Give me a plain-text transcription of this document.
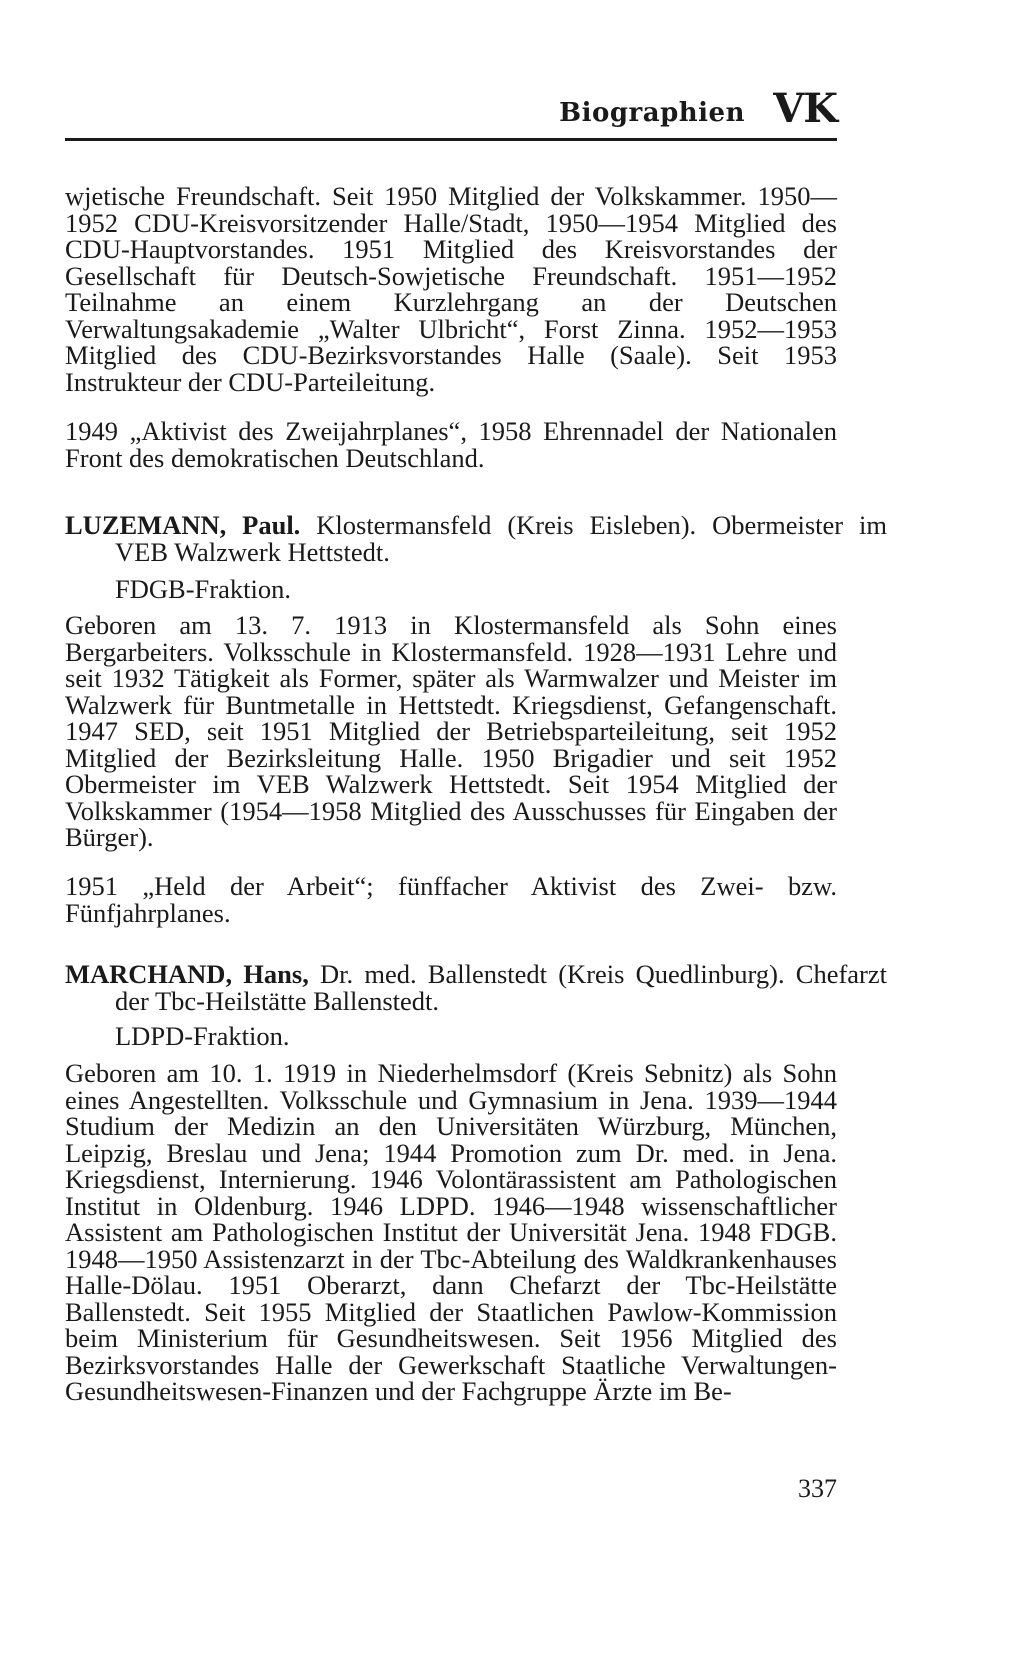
Biographien VK

wjetische Freundschaft. Seit 1950 Mitglied der Volkskammer. 1950—1952 CDU-Kreisvorsitzender Halle/Stadt, 1950—1954 Mitglied des CDU-Hauptvorstandes. 1951 Mitglied des Kreisvorstandes der Gesellschaft für Deutsch-Sowjetische Freundschaft. 1951—1952 Teilnahme an einem Kurzlehrgang an der Deutschen Verwaltungsakademie „Walter Ulbricht“, Forst Zinna. 1952—1953 Mitglied des CDU-Bezirksvorstandes Halle (Saale). Seit 1953 Instrukteur der CDU-Parteileitung.

1949 „Aktivist des Zweijahrplanes“, 1958 Ehrennadel der Nationalen Front des demokratischen Deutschland.

LUZEMANN, Paul. Klostermansfeld (Kreis Eisleben). Obermeister im VEB Walzwerk Hettstedt.

FDGB-Fraktion.

Geboren am 13. 7. 1913 in Klostermansfeld als Sohn eines Bergarbeiters. Volksschule in Klostermansfeld. 1928—1931 Lehre und seit 1932 Tätigkeit als Former, später als Warmwalzer und Meister im Walzwerk für Buntmetalle in Hettstedt. Kriegsdienst, Gefangenschaft. 1947 SED, seit 1951 Mitglied der Betriebsparteileitung, seit 1952 Mitglied der Bezirksleitung Halle. 1950 Brigadier und seit 1952 Obermeister im VEB Walzwerk Hettstedt. Seit 1954 Mitglied der Volkskammer (1954—1958 Mitglied des Ausschusses für Eingaben der Bürger).

1951 „Held der Arbeit“; fünffacher Aktivist des Zwei- bzw. Fünfjahrplanes.

MARCHAND, Hans, Dr. med. Ballenstedt (Kreis Quedlinburg). Chefarzt der Tbc-Heilstätte Ballenstedt.

LDPD-Fraktion.

Geboren am 10. 1. 1919 in Niederhelmsdorf (Kreis Sebnitz) als Sohn eines Angestellten. Volksschule und Gymnasium in Jena. 1939—1944 Studium der Medizin an den Universitäten Würzburg, München, Leipzig, Breslau und Jena; 1944 Promotion zum Dr. med. in Jena. Kriegsdienst, Internierung. 1946 Volontärassistent am Pathologischen Institut in Oldenburg. 1946 LDPD. 1946—1948 wissenschaftlicher Assistent am Pathologischen Institut der Universität Jena. 1948 FDGB. 1948—1950 Assistenzarzt in der Tbc-Abteilung des Waldkrankenhauses Halle-Dölau. 1951 Oberarzt, dann Chefarzt der Tbc-Heilstätte Ballenstedt. Seit 1955 Mitglied der Staatlichen Pawlow-Kommission beim Ministerium für Gesundheitswesen. Seit 1956 Mitglied des Bezirksvorstandes Halle der Gewerkschaft Staatliche Verwaltungen-Gesundheitswesen-Finanzen und der Fachgruppe Ärzte im Be-

337
